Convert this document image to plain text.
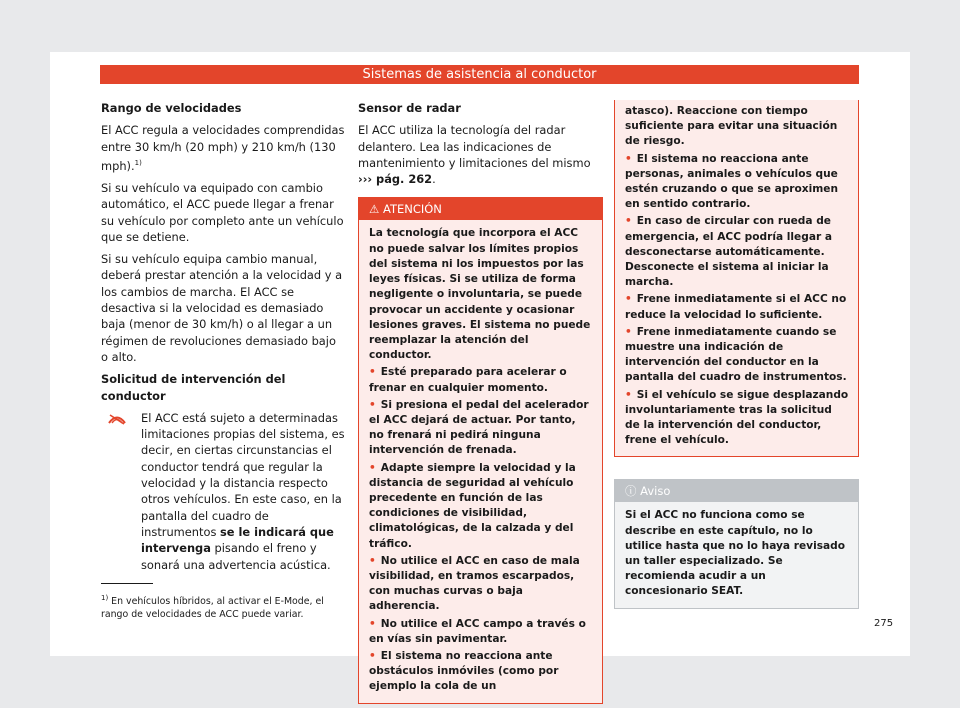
Sistemas de asistencia al conductor

Rango de velocidades

El ACC regula a velocidades comprendidas entre 30 km/h (20 mph) y 210 km/h (130 mph).$^{1)}$

Si su vehículo va equipado con cambio automático, el ACC puede llegar a frenar su vehículo por completo ante un vehículo que se detiene.

Si su vehículo equipa cambio manual, deberá prestar atención a la velocidad y a los cambios de marcha. El ACC se desactiva si la velocidad es demasiado baja (menor de 30 km/h) o al llegar a un régimen de revoluciones demasiado bajo o alto.

Solicitud de intervención del conductor

El ACC está sujeto a determinadas limitaciones propias del sistema, es decir, en ciertas circunstancias el conductor tendrá que regular la velocidad y la distancia respecto otros vehículos. En este caso, en la pantalla del cuadro de instrumentos se le indicará que intervenga pisando el freno y sonará una advertencia acústica.

Sensor de radar

El ACC utiliza la tecnología del radar delantero. Lea las indicaciones de mantenimiento y limitaciones del mismo ››› pág. 262.

⚠ ATENCIÓN

La tecnología que incorpora el ACC no puede salvar los límites propios del sistema ni los impuestos por las leyes físicas. Si se utiliza de forma negligente o involuntaria, se puede provocar un accidente y ocasionar lesiones graves. El sistema no puede reemplazar la atención del conductor.

• Esté preparado para acelerar o frenar en cualquier momento.

• Si presiona el pedal del acelerador el ACC dejará de actuar. Por tanto, no frenará ni pedirá ninguna intervención de frenada.

• Adapte siempre la velocidad y la distancia de seguridad al vehículo precedente en función de las condiciones de visibilidad, climatológicas, de la calzada y del tráfico.

• No utilice el ACC en caso de mala visibilidad, en tramos escarpados, con muchas curvas o baja adherencia.

• No utilice el ACC campo a través o en vías sin pavimentar.

• El sistema no reacciona ante obstáculos inmóviles (como por ejemplo la cola de un

atasco). Reaccione con tiempo suficiente para evitar una situación de riesgo.

• El sistema no reacciona ante personas, animales o vehículos que estén cruzando o que se aproximen en sentido contrario.

• En caso de circular con rueda de emergencia, el ACC podría llegar a desconectarse automáticamente. Desconecte el sistema al iniciar la marcha.

• Frene inmediatamente si el ACC no reduce la velocidad lo suficiente.

• Frene inmediatamente cuando se muestre una indicación de intervención del conductor en la pantalla del cuadro de instrumentos.

• Si el vehículo se sigue desplazando involuntariamente tras la solicitud de la intervención del conductor, frene el vehículo.

ⓘ Aviso
Si el ACC no funciona como se describe en este capítulo, no lo utilice hasta que no lo haya revisado un taller especializado. Se recomienda acudir a un concesionario SEAT.
$^{1)}$ En vehículos híbridos, al activar el E-Mode, el rango de velocidades de ACC puede variar.
275
